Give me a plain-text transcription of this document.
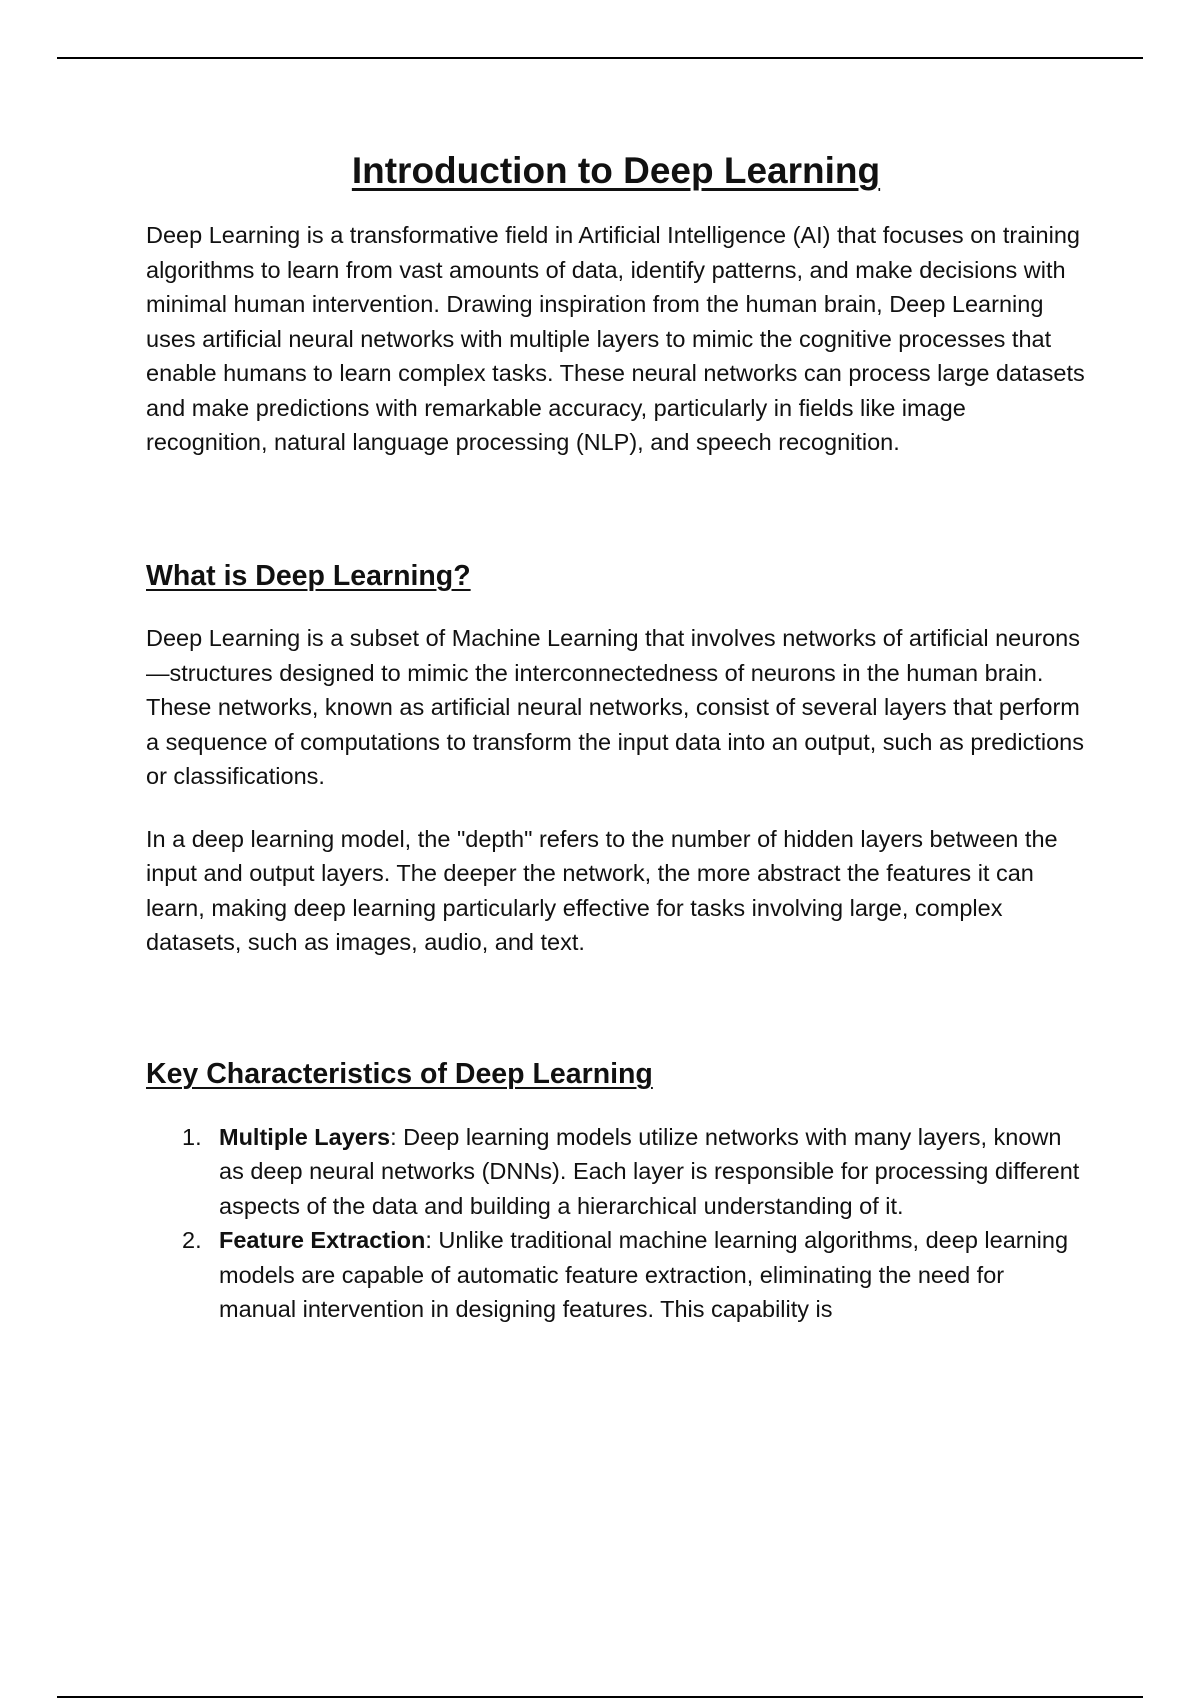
Introduction to Deep Learning

Deep Learning is a transformative field in Artificial Intelligence (AI) that focuses on training algorithms to learn from vast amounts of data, identify patterns, and make decisions with minimal human intervention. Drawing inspiration from the human brain, Deep Learning uses artificial neural networks with multiple layers to mimic the cognitive processes that enable humans to learn complex tasks. These neural networks can process large datasets and make predictions with remarkable accuracy, particularly in fields like image recognition, natural language processing (NLP), and speech recognition.

What is Deep Learning?

Deep Learning is a subset of Machine Learning that involves networks of artificial neurons—structures designed to mimic the interconnectedness of neurons in the human brain. These networks, known as artificial neural networks, consist of several layers that perform a sequence of computations to transform the input data into an output, such as predictions or classifications.

In a deep learning model, the "depth" refers to the number of hidden layers between the input and output layers. The deeper the network, the more abstract the features it can learn, making deep learning particularly effective for tasks involving large, complex datasets, such as images, audio, and text.

Key Characteristics of Deep Learning
1. Multiple Layers: Deep learning models utilize networks with many layers, known as deep neural networks (DNNs). Each layer is responsible for processing different aspects of the data and building a hierarchical understanding of it.
2. Feature Extraction: Unlike traditional machine learning algorithms, deep learning models are capable of automatic feature extraction, eliminating the need for manual intervention in designing features. This capability is
